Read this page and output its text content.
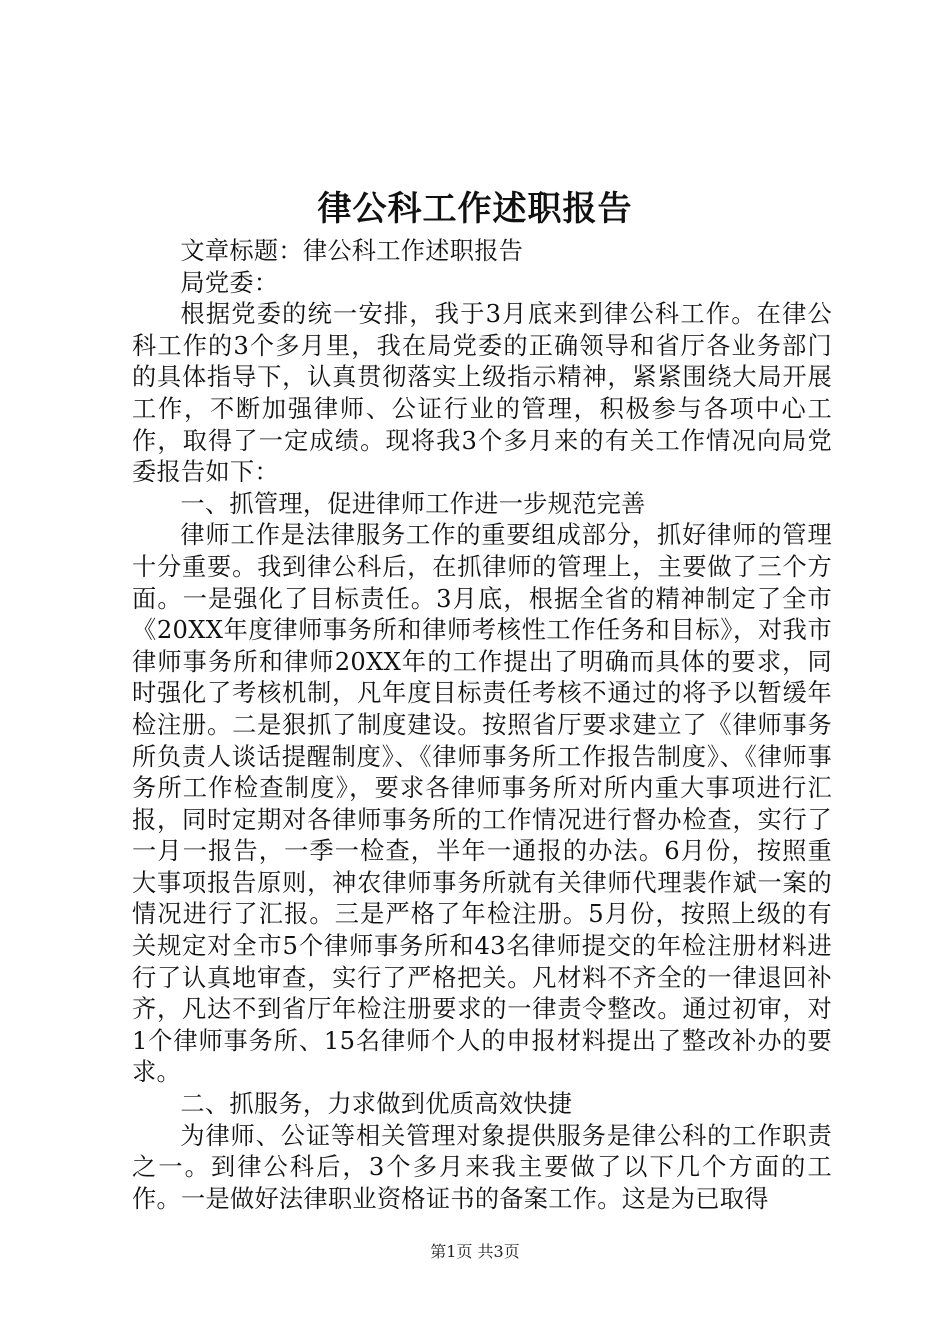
律公科工作述职报告

文章标题：律公科工作述职报告

局党委：

根据党委的统一安排，我于3月底来到律公科工作。在律公科工作的3个多月里，我在局党委的正确领导和省厅各业务部门的具体指导下，认真贯彻落实上级指示精神，紧紧围绕大局开展工作，不断加强律师、公证行业的管理，积极参与各项中心工作，取得了一定成绩。现将我3个多月来的有关工作情况向局党委报告如下：

一、抓管理，促进律师工作进一步规范完善

律师工作是法律服务工作的重要组成部分，抓好律师的管理十分重要。我到律公科后，在抓律师的管理上，主要做了三个方面。一是强化了目标责任。3月底，根据全省的精神制定了全市《20XX年度律师事务所和律师考核性工作任务和目标》，对我市律师事务所和律师20XX年的工作提出了明确而具体的要求，同时强化了考核机制，凡年度目标责任考核不通过的将予以暂缓年检注册。二是狠抓了制度建设。按照省厅要求建立了《律师事务所负责人谈话提醒制度》、《律师事务所工作报告制度》、《律师事务所工作检查制度》，要求各律师事务所对所内重大事项进行汇报，同时定期对各律师事务所的工作情况进行督办检查，实行了一月一报告，一季一检查，半年一通报的办法。6月份，按照重大事项报告原则，神农律师事务所就有关律师代理裴作斌一案的情况进行了汇报。三是严格了年检注册。5月份，按照上级的有关规定对全市5个律师事务所和43名律师提交的年检注册材料进行了认真地审查，实行了严格把关。凡材料不齐全的一律退回补齐，凡达不到省厅年检注册要求的一律责令整改。通过初审，对1个律师事务所、15名律师个人的申报材料提出了整改补办的要求。

二、抓服务，力求做到优质高效快捷

为律师、公证等相关管理对象提供服务是律公科的工作职责之一。到律公科后，3个多月来我主要做了以下几个方面的工作。一是做好法律职业资格证书的备案工作。这是为已取得

第1页 共3页
